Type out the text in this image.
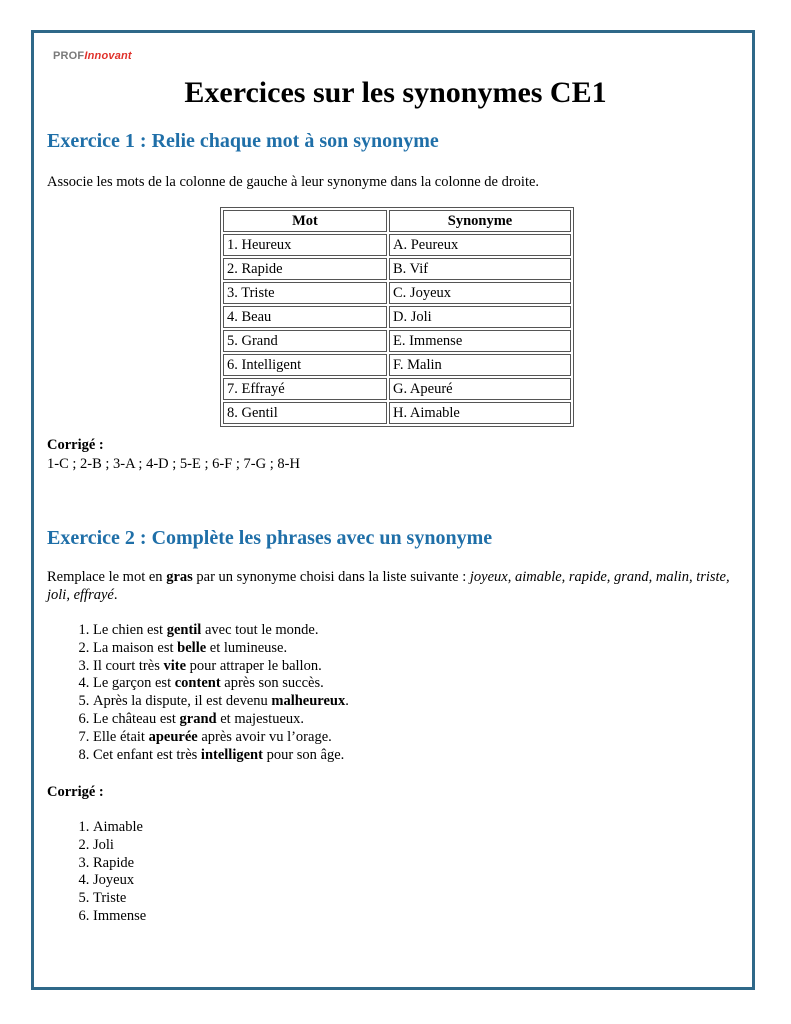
PROFInnovant
Exercices sur les synonymes CE1
Exercice 1 : Relie chaque mot à son synonyme

Associe les mots de la colonne de gauche à leur synonyme dans la colonne de droite.

Mot	Synonyme
1. Heureux	A. Peureux
2. Rapide	B. Vif
3. Triste	C. Joyeux
4. Beau	D. Joli
5. Grand	E. Immense
6. Intelligent	F. Malin
7. Effrayé	G. Apeuré
8. Gentil	H. Aimable

Corrigé :

1-C ; 2-B ; 3-A ; 4-D ; 5-E ; 6-F ; 7-G ; 8-H

Exercice 2 : Complète les phrases avec un synonyme

Remplace le mot en gras par un synonyme choisi dans la liste suivante : joyeux, aimable, rapide, grand, malin, triste, joli, effrayé.

1. Le chien est gentil avec tout le monde.
2. La maison est belle et lumineuse.
3. Il court très vite pour attraper le ballon.
4. Le garçon est content après son succès.
5. Après la dispute, il est devenu malheureux.
6. Le château est grand et majestueux.
7. Elle était apeurée après avoir vu l’orage.
8. Cet enfant est très intelligent pour son âge.

Corrigé :

1. Aimable
2. Joli
3. Rapide
4. Joyeux
5. Triste
6. Immense
